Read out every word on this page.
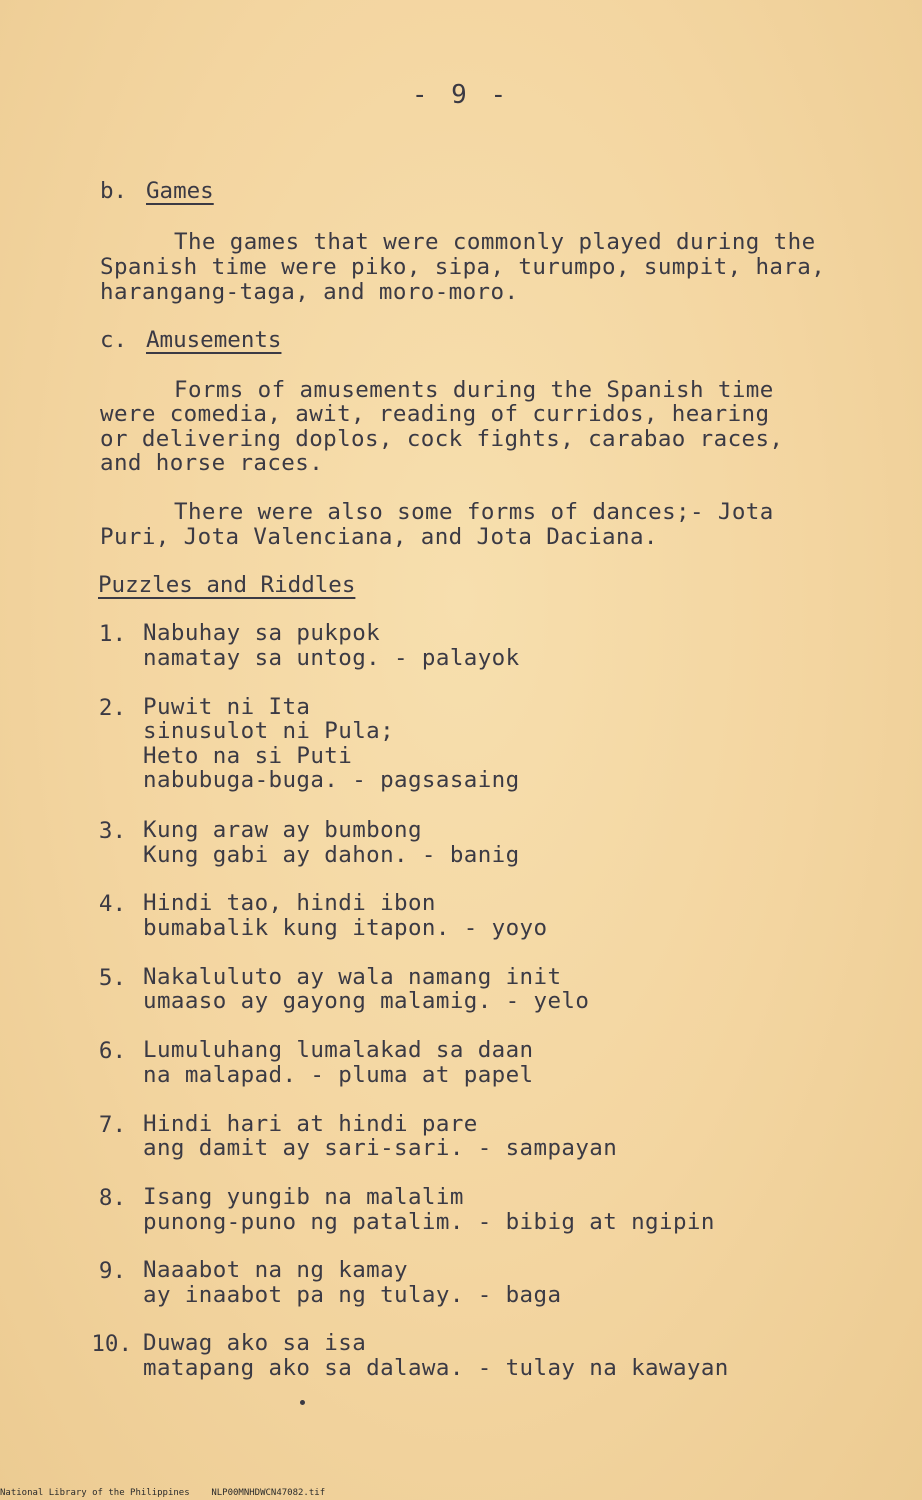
- 9 -
b. Games
The games that were commonly played during the
Spanish time were piko, sipa, turumpo, sumpit, hara,
harangang-taga, and moro-moro.
c. Amusements
Forms of amusements during the Spanish time
were comedia, awit, reading of curridos, hearing
or delivering doplos, cock fights, carabao races,
and horse races.
There were also some forms of dances;- Jota
Puri, Jota Valenciana, and Jota Daciana.
Puzzles and Riddles
1. Nabuhay sa pukpok
namatay sa untog. - palayok
2. Puwit ni Ita
sinusulot ni Pula;
Heto na si Puti
nabubuga-buga. - pagsasaing
3. Kung araw ay bumbong
Kung gabi ay dahon. - banig
4. Hindi tao, hindi ibon
bumabalik kung itapon. - yoyo
5. Nakaluluto ay wala namang init
umaaso ay gayong malamig. - yelo
6. Lumuluhang lumalakad sa daan
na malapad. - pluma at papel
7. Hindi hari at hindi pare
ang damit ay sari-sari. - sampayan
8. Isang yungib na malalim
punong-puno ng patalim. - bibig at ngipin
9. Naaabot na ng kamay
ay inaabot pa ng tulay. - baga
10. Duwag ako sa isa
matapang ako sa dalawa. - tulay na kawayan
National Library of the Philippines    NLP00MNHDWCN47082.tif
